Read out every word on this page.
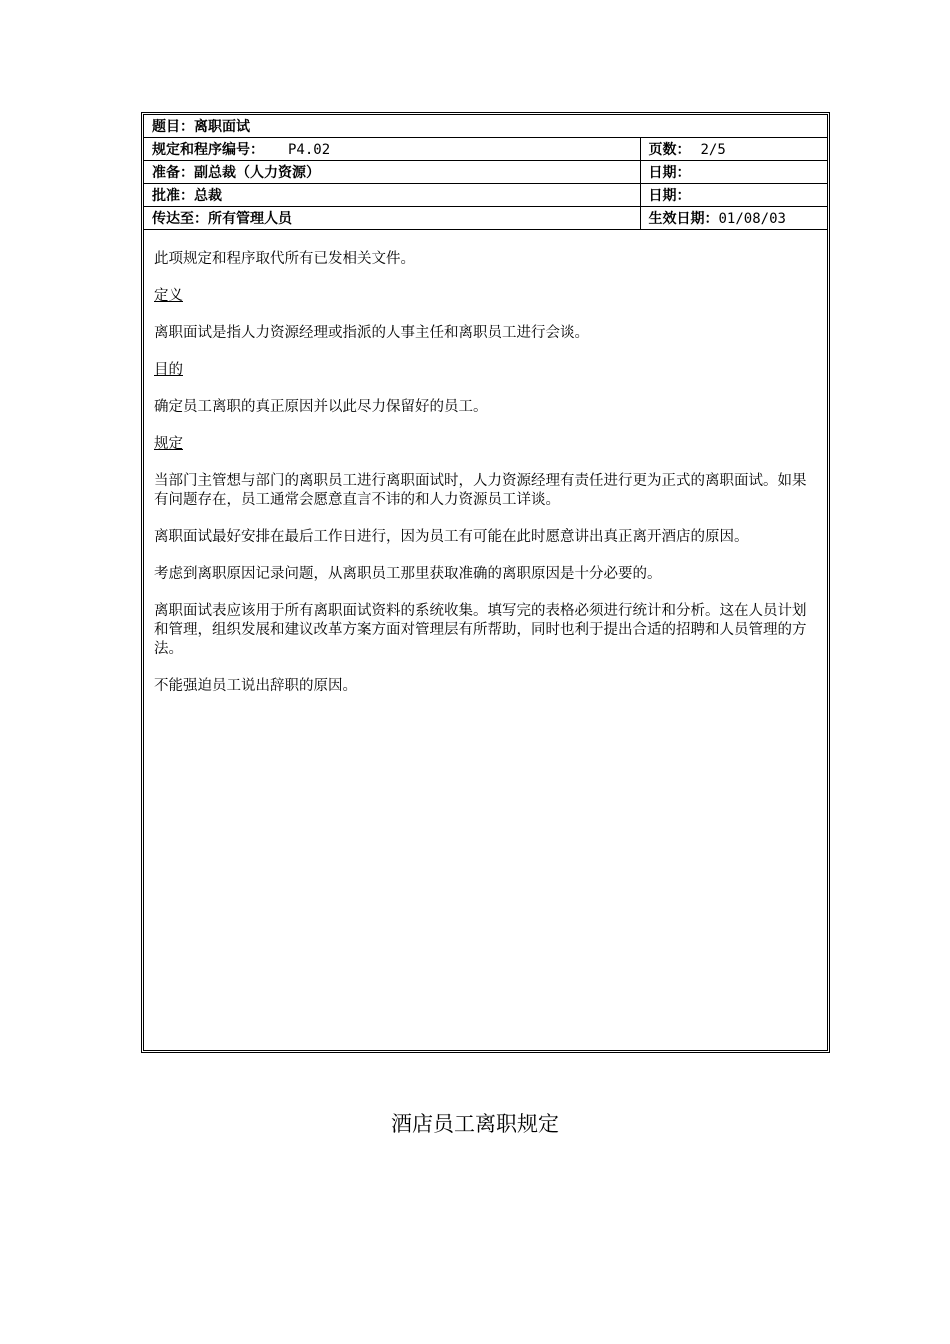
题目：离职面试	
规定和程序编号： P4.02	页数： 2/5
准备：副总裁（人力资源）	日期：
批准：总裁	日期：
传达至：所有管理人员	生效日期：01/08/03

此项规定和程序取代所有已发相关文件。

定义

离职面试是指人力资源经理或指派的人事主任和离职员工进行会谈。

目的

确定员工离职的真正原因并以此尽力保留好的员工。

规定

当部门主管想与部门的离职员工进行离职面试时，人力资源经理有责任进行更为正式的离职面试。如果有问题存在，员工通常会愿意直言不讳的和人力资源员工详谈。

离职面试最好安排在最后工作日进行，因为员工有可能在此时愿意讲出真正离开酒店的原因。

考虑到离职原因记录问题，从离职员工那里获取准确的离职原因是十分必要的。

离职面试表应该用于所有离职面试资料的系统收集。填写完的表格必须进行统计和分析。这在人员计划和管理，组织发展和建议改革方案方面对管理层有所帮助，同时也利于提出合适的招聘和人员管理的方法。

不能强迫员工说出辞职的原因。

酒店员工离职规定
